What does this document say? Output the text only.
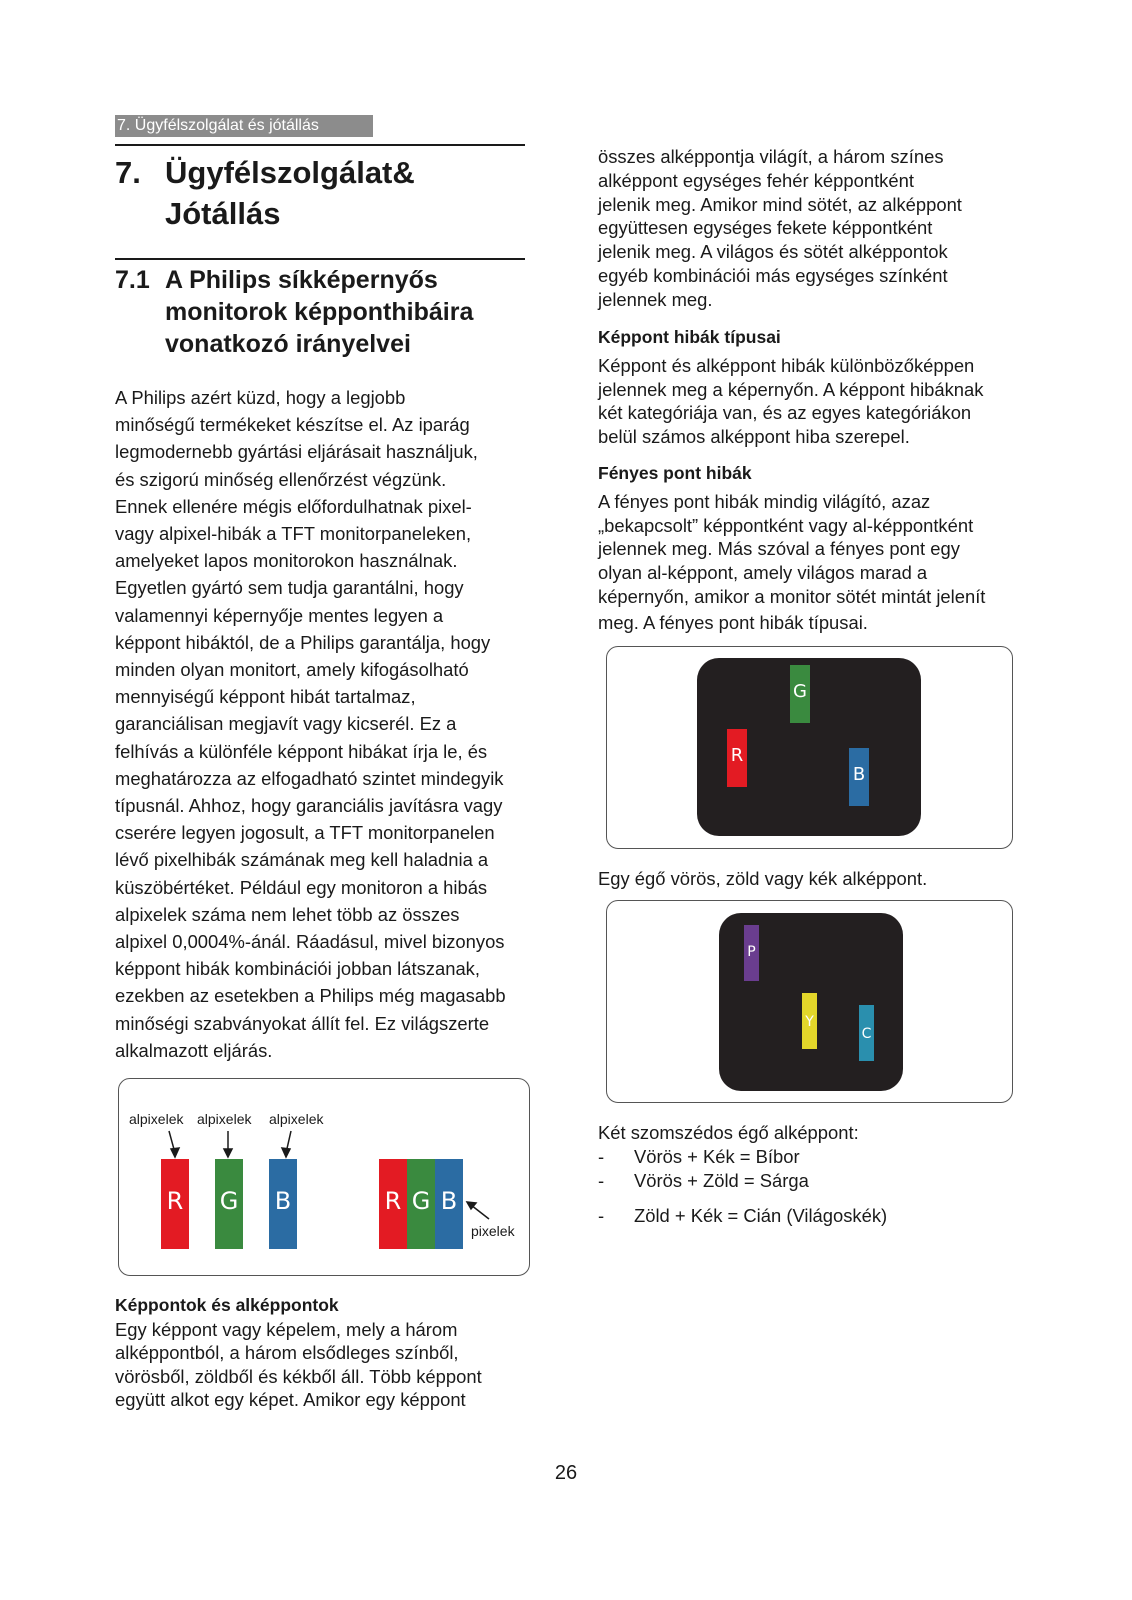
7. Ügyfélszolgálat és jótállás
7. Ügyfélszolgálat&
Jótállás
7.1 A Philips síkképernyős
monitorok képponthibáira
vonatkozó irányelvei
A Philips azért küzd, hogy a legjobb
minőségű termékeket készítse el. Az iparág
legmodernebb gyártási eljárásait használjuk,
és szigorú minőség ellenőrzést végzünk.
Ennek ellenére mégis előfordulhatnak pixel-
vagy alpixel-hibák a TFT monitorpaneleken,
amelyeket lapos monitorokon használnak.
Egyetlen gyártó sem tudja garantálni, hogy
valamennyi képernyője mentes legyen a
képpont hibáktól, de a Philips garantálja, hogy
minden olyan monitort, amely kifogásolható
mennyiségű képpont hibát tartalmaz,
garanciálisan megjavít vagy kicserél. Ez a
felhívás a különféle képpont hibákat írja le, és
meghatározza az elfogadható szintet mindegyik
típusnál. Ahhoz, hogy garanciális javításra vagy
cserére legyen jogosult, a TFT monitorpanelen
lévő pixelhibák számának meg kell haladnia a
küszöbértéket. Például egy monitoron a hibás
alpixelek száma nem lehet több az összes
alpixel 0,0004%-ánál. Ráadásul, mivel bizonyos
képpont hibák kombinációi jobban látszanak,
ezekben az esetekben a Philips még magasabb
minőségi szabványokat állít fel. Ez világszerte
alkalmazott eljárás.
alpixelek alpixelek alpixelek
R G B	R G B
pixelek
Képpontok és alképpontok
Egy képpont vagy képelem, mely a három
alképpontból, a három elsődleges színből,
vörösből, zöldből és kékből áll. Több képpont
együtt alkot egy képet. Amikor egy képpont
összes alképpontja világít, a három színes
alképpont egységes fehér képpontként
jelenik meg. Amikor mind sötét, az alképpont
együttesen egységes fekete képpontként
jelenik meg. A világos és sötét alképpontok
egyéb kombinációi más egységes színként
jelennek meg.
Képpont hibák típusai
Képpont és alképpont hibák különbözőképpen
jelennek meg a képernyőn. A képpont hibáknak
két kategóriája van, és az egyes kategóriákon
belül számos alképpont hiba szerepel.
Fényes pont hibák
A fényes pont hibák mindig világító, azaz
„bekapcsolt” képpontként vagy al-képpontként
jelennek meg. Más szóval a fényes pont egy
olyan al-képpont, amely világos marad a
képernyőn, amikor a monitor sötét mintát jelenít
meg. A fényes pont hibák típusai.
G
R
B
Egy égő vörös, zöld vagy kék alképpont.
P
Y
C
Két szomszédos égő alképpont:
-	Vörös + Kék = Bíbor
-	Vörös + Zöld = Sárga
-	Zöld + Kék = Cián (Világoskék)
26
